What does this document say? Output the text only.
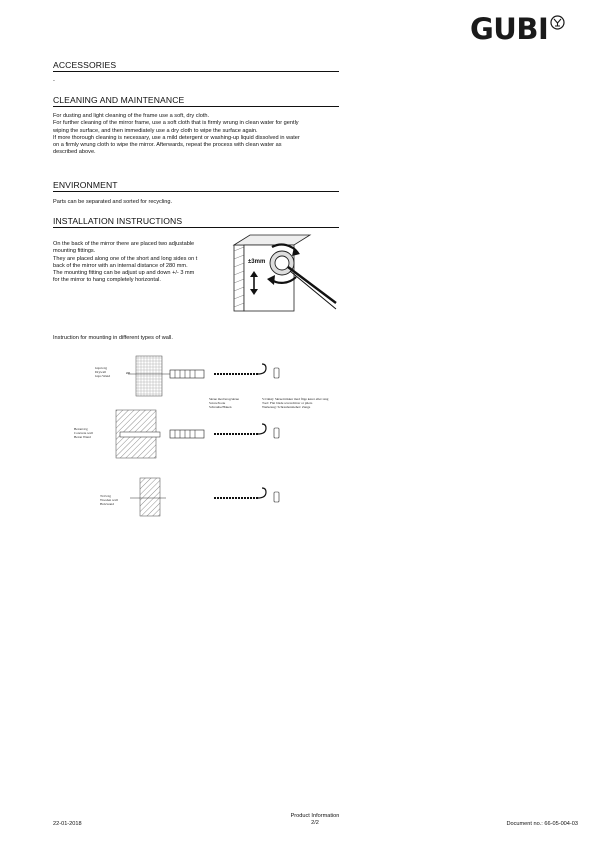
GUBI
ACCESSORIES
-
CLEANING AND MAINTENANCE
For dusting and light cleaning of the frame use a soft, dry cloth.
For further cleaning of the mirror frame, use a soft cloth that is firmly wrung in clean water for gently
wiping the surface, and then immediately use a dry cloth to wipe the surface again.
If more thorough cleaning is necessary, use a mild detergent or washing-up liquid dissolved in water
on a firmly wrung cloth to wipe the mirror. Afterwards, repeat the process with clean water as
described above.
ENVIRONMENT
Parts can be separated and sorted for recycling.
INSTALLATION INSTRUCTIONS
On the back of the mirror there are placed two adjustable
mounting fittings.
They are placed along one of the short and long sides on t
back of the mirror with an internal distance of 280 mm.
The mounting fitting can be adjust up and down +/- 3 mm
for the mirror to hang completely horizontal.
±3mm
Instruction for mounting in different types of wall.
Gipsvæg
Drywall
Gips Wand
Ø6
Betonvæg
Concrete wall
Beton Wand
Trævæg
Wooden wall
Holzwand
Skrue med krog/skrue
Screw/hook
Schraube/Haken
Værktøj: Skruetrækker med flige kører eller tang
Tool: Flat blade screwdriver or pliers
Werkzeug: Schraubenzieher/ Zange
22-01-2018
Product Information
2/2	Document no.: 66-05-004-03
